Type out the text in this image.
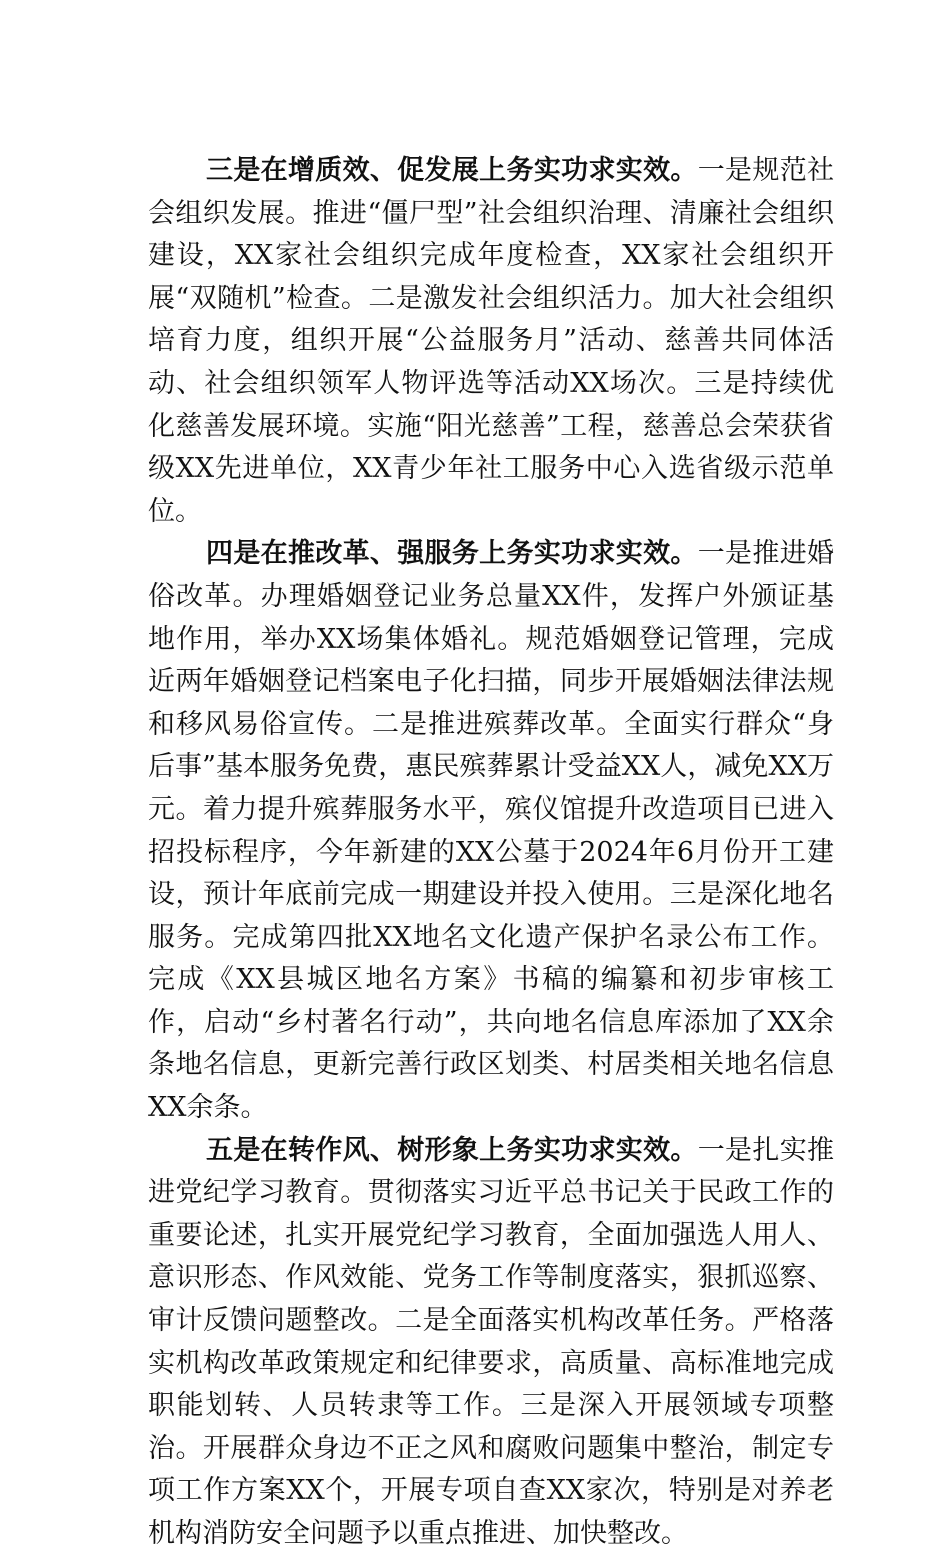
三是在增质效、促发展上务实功求实效。一是规范社会组织发展。推进“僵尸型”社会组织治理、清廉社会组织建设，XX家社会组织完成年度检查，XX家社会组织开展“双随机”检查。二是激发社会组织活力。加大社会组织培育力度，组织开展“公益服务月”活动、慈善共同体活动、社会组织领军人物评选等活动XX场次。三是持续优化慈善发展环境。实施“阳光慈善”工程，慈善总会荣获省级XX先进单位，XX青少年社工服务中心入选省级示范单位。

四是在推改革、强服务上务实功求实效。一是推进婚俗改革。办理婚姻登记业务总量XX件，发挥户外颁证基地作用，举办XX场集体婚礼。规范婚姻登记管理，完成近两年婚姻登记档案电子化扫描，同步开展婚姻法律法规和移风易俗宣传。二是推进殡葬改革。全面实行群众“身后事”基本服务免费，惠民殡葬累计受益XX人，减免XX万元。着力提升殡葬服务水平，殡仪馆提升改造项目已进入招投标程序，今年新建的XX公墓于2024年6月份开工建设，预计年底前完成一期建设并投入使用。三是深化地名服务。完成第四批XX地名文化遗产保护名录公布工作。完成《XX县城区地名方案》书稿的编纂和初步审核工作，启动“乡村著名行动”，共向地名信息库添加了XX余条地名信息，更新完善行政区划类、村居类相关地名信息XX余条。

五是在转作风、树形象上务实功求实效。一是扎实推进党纪学习教育。贯彻落实习近平总书记关于民政工作的重要论述，扎实开展党纪学习教育，全面加强选人用人、意识形态、作风效能、党务工作等制度落实，狠抓巡察、审计反馈问题整改。二是全面落实机构改革任务。严格落实机构改革政策规定和纪律要求，高质量、高标准地完成职能划转、人员转隶等工作。三是深入开展领域专项整治。开展群众身边不正之风和腐败问题集中整治，制定专项工作方案XX个，开展专项自查XX家次，特别是对养老机构消防安全问题予以重点推进、加快整改。
